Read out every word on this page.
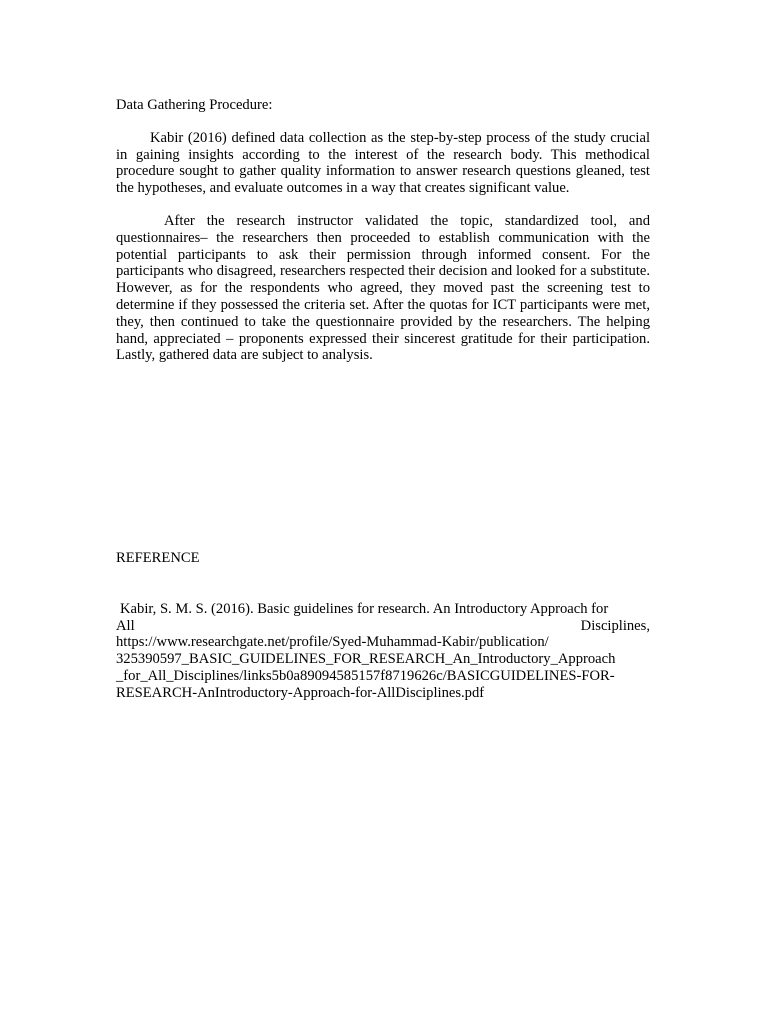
Data Gathering Procedure:

Kabir (2016) defined data collection as the step-by-step process of the study crucial in gaining insights according to the interest of the research body. This methodical procedure sought to gather quality information to answer research questions gleaned, test the hypotheses, and evaluate outcomes in a way that creates significant value.

After the research instructor validated the topic, standardized tool, and questionnaires– the researchers then proceeded to establish communication with the potential participants to ask their permission through informed consent. For the participants who disagreed, researchers respected their decision and looked for a substitute. However, as for the respondents who agreed, they moved past the screening test to determine if they possessed the criteria set. After the quotas for ICT participants were met, they, then continued to take the questionnaire provided by the researchers. The helping hand, appreciated – proponents expressed their sincerest gratitude for their participation. Lastly, gathered data are subject to analysis.

REFERENCE

Kabir, S. M. S. (2016). Basic guidelines for research. An Introductory Approach for
All	Disciplines,
https://www.researchgate.net/profile/Syed-Muhammad-Kabir/publication/
325390597_BASIC_GUIDELINES_FOR_RESEARCH_An_Introductory_Approach
_for_All_Disciplines/links5b0a89094585157f8719626c/BASICGUIDELINES-FOR-
RESEARCH-AnIntroductory-Approach-for-AllDisciplines.pdf
